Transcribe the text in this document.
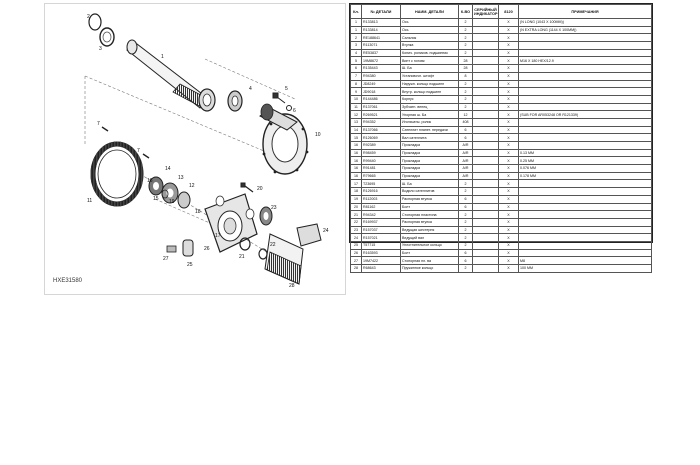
2
3
1
4	5
6
7
10
7
11
14
13
12	20
18
23
21
22
24
25
27
26
28
19
15
16
17
HXE31580
Кл.	№ ДЕТАЛИ	НАИМ. ДЕТАЛИ	К-ВО	СЕРИЙНЫЙ ИНДИКАТОР	8120	ПРИМЕЧАНИЯ
1	R133813	Ось	2		X	(N LONG (1043 X 100MM))
1	R133814	Ось	2		X	(N EXTRA LONG (1144 X 100MM))
2	RE188641	Сальник	2		X	
3	R113071	Втулка	2		X	
4	RE53837	Конич. роликов. подшипник	2		X	
5	19M8672	Винт с головк	28		X	M16 X 180 HEX/12.9
6	R135443	Ш. Ба	28		X	
7	R94380	Установочн. штифт	8		X	
8	JD8249	Наружн. кольцо подшипн	2		X	
9	JD9018	Внутр. кольцо подшипн	2		X	
10	R144486	Корпус	2		X	
11	R137061	Зубчатн. венец	2		X	
12	R269521	Упорная ш. Ба	12		X	(SUB FOR AR053248 OR R121339)
13	R94352	Игольчаты. ролик	408		X	
14	R137066	Сателлит планет. передачи	6		X	
15	R126069	Вал сателлита	6		X	
16	R92389	Прокладка	A/R		X	
16	R98459	Прокладка	A/R		X	0.13 MM
16	R99440	Прокладка	A/R		X	0.25 MM
16	R91481	Прокладка	A/R		X	0.076 MM
16	R79665	Прокладка	A/R		X	0.178 MM
17	T23695	Ш. Ба	2		X	
18	R126916	Водило сателлитов	2		X	
19	R112003	Распорная втулка	6		X	
20	R81162	Болт	6		X	
21	R94342	Стопорная пластина	2		X	
22	R169937	Распорная втулка	2		X	
23	R157037	Ведущая шестерня	2		X	
24	R157021	Ведущий вал	2		X	
25	T57715	Уплотнительное кольцо	2		X	
26	R163593	Болт	6		X	
27	19M7422	Стопорная пл. ва	6		X	M8
28	R68643	Пружинное кольцо	2		X	100 MM
